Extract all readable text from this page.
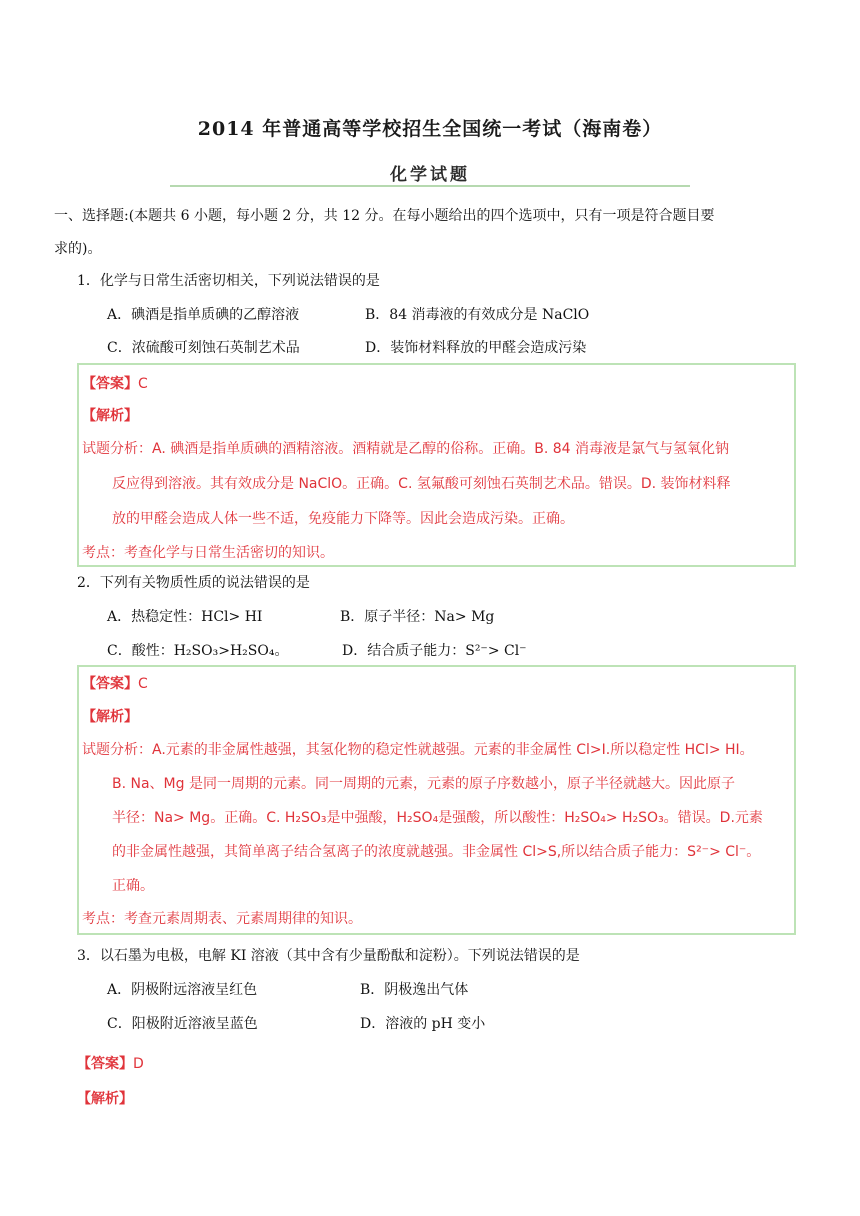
2014 年普通高等学校招生全国统一考试（海南卷）
化学试题
一、选择题:(本题共 6 小题，每小题 2 分，共 12 分。在每小题给出的四个选项中，只有一项是符合题目要
求的)。
1．化学与日常生活密切相关，下列说法错误的是
A．碘酒是指单质碘的乙醇溶液	B．84 消毒液的有效成分是 NaClO
C．浓硫酸可刻蚀石英制艺术品	D．装饰材料释放的甲醛会造成污染
【答案】C
【解析】
试题分析：A. 碘酒是指单质碘的酒精溶液。酒精就是乙醇的俗称。正确。B. 84 消毒液是氯气与氢氧化钠
反应得到溶液。其有效成分是 NaClO。正确。C. 氢氟酸可刻蚀石英制艺术品。错误。D. 装饰材料释
放的甲醛会造成人体一些不适，免疫能力下降等。因此会造成污染。正确。
考点：考查化学与日常生活密切的知识。
2．下列有关物质性质的说法错误的是
A．热稳定性：HCl> HI	B．原子半径：Na> Mg
C．酸性：H₂SO₃>H₂SO₄。	D．结合质子能力：S²⁻> Cl⁻
【答案】C
【解析】
试题分析：A.元素的非金属性越强，其氢化物的稳定性就越强。元素的非金属性 Cl>I.所以稳定性 HCl> HI。
B. Na、Mg 是同一周期的元素。同一周期的元素，元素的原子序数越小，原子半径就越大。因此原子
半径：Na> Mg。正确。C. H₂SO₃是中强酸，H₂SO₄是强酸，所以酸性：H₂SO₄> H₂SO₃。错误。D.元素
的非金属性越强，其简单离子结合氢离子的浓度就越强。非金属性 Cl>S,所以结合质子能力：S²⁻> Cl⁻。
正确。
考点：考查元素周期表、元素周期律的知识。
3．以石墨为电极，电解 KI 溶液（其中含有少量酚酞和淀粉）。下列说法错误的是
A．阴极附远溶液呈红色	B．阴极逸出气体
C．阳极附近溶液呈蓝色	D．溶液的 pH 变小
【答案】D
【解析】
